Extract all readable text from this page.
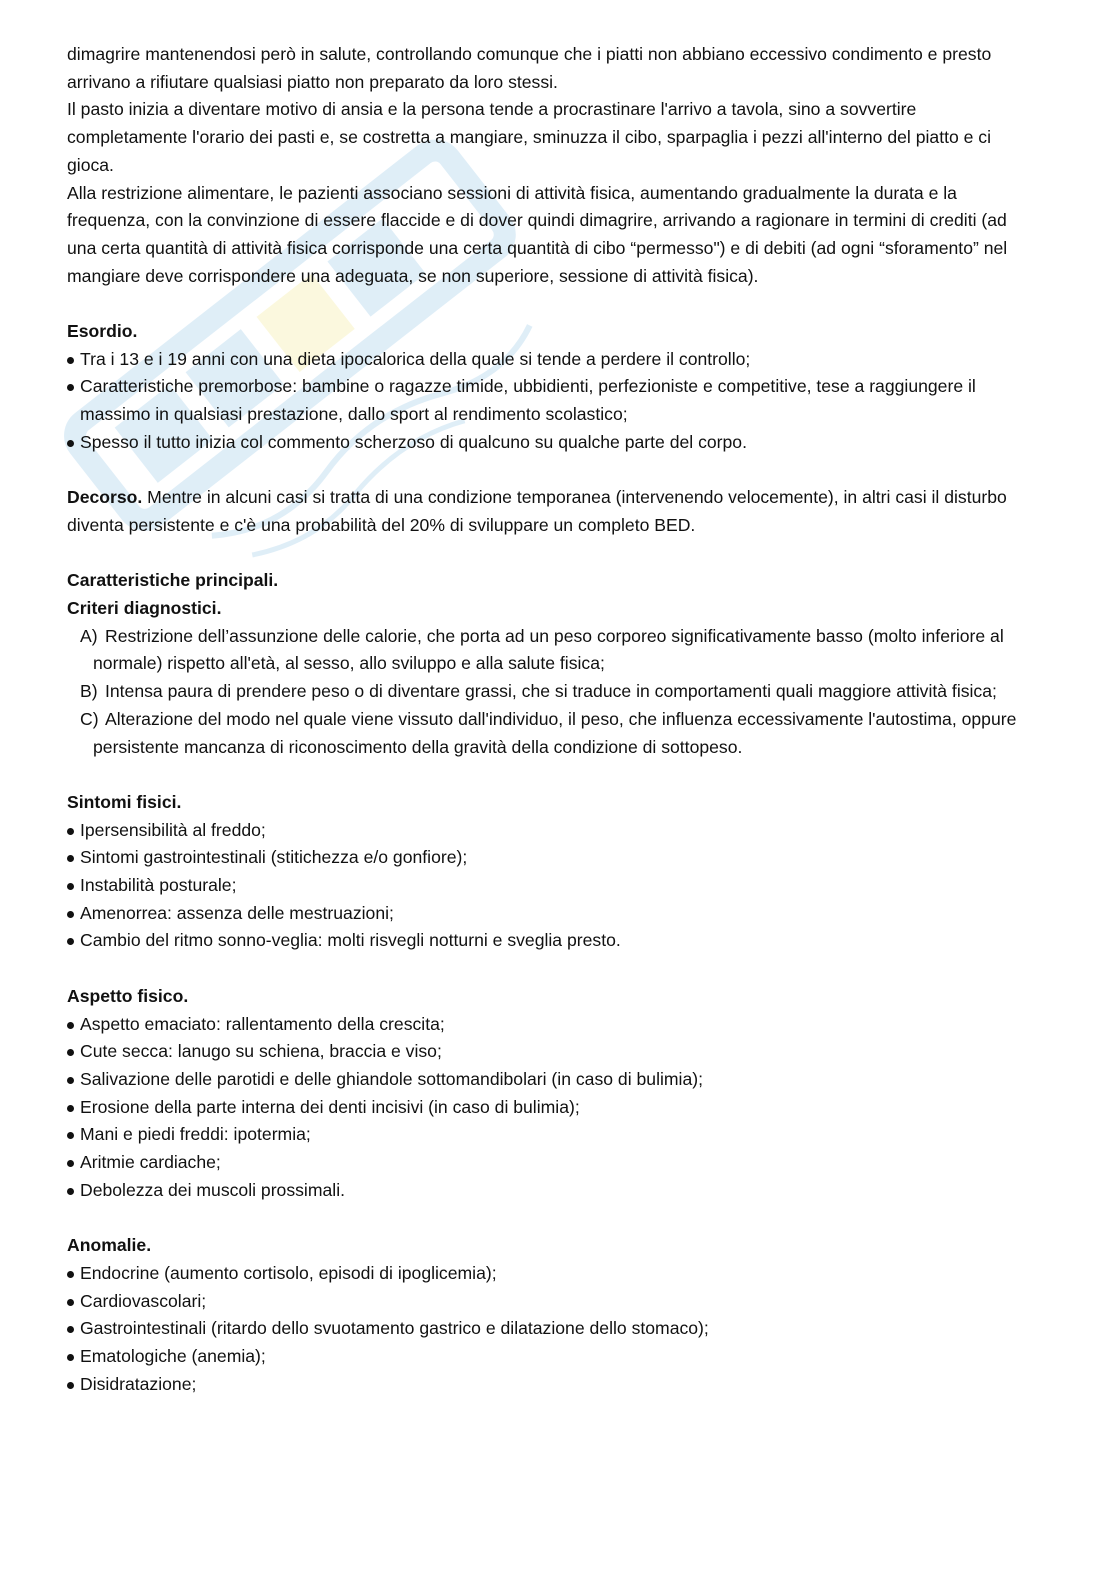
dimagrire mantenendosi però in salute, controllando comunque che i piatti non abbiano eccessivo condimento e presto arrivano a rifiutare qualsiasi piatto non preparato da loro stessi.

Il pasto inizia a diventare motivo di ansia e la persona tende a procrastinare l'arrivo a tavola, sino a sovvertire completamente l'orario dei pasti e, se costretta a mangiare, sminuzza il cibo, sparpaglia i pezzi all'interno del piatto e ci gioca.

Alla restrizione alimentare, le pazienti associano sessioni di attività fisica, aumentando gradualmente la durata e la frequenza, con la convinzione di essere flaccide e di dover quindi dimagrire, arrivando a ragionare in termini di crediti (ad una certa quantità di attività fisica corrisponde una certa quantità di cibo “permesso") e di debiti (ad ogni “sforamento” nel mangiare deve corrispondere una adeguata, se non superiore, sessione di attività fisica).

Esordio.

Tra i 13 e i 19 anni con una dieta ipocalorica della quale si tende a perdere il controllo;
Caratteristiche premorbose: bambine o ragazze timide, ubbidienti, perfezioniste e competitive, tese a raggiungere il massimo in qualsiasi prestazione, dallo sport al rendimento scolastico;
Spesso il tutto inizia col commento scherzoso di qualcuno su qualche parte del corpo.

Decorso. Mentre in alcuni casi si tratta di una condizione temporanea (intervenendo velocemente), in altri casi il disturbo diventa persistente e c'è una probabilità del 20% di sviluppare un completo BED.

Caratteristiche principali.

Criteri diagnostici.

A) Restrizione dell’assunzione delle calorie, che porta ad un peso corporeo significativamente basso (molto inferiore al normale) rispetto all'età, al sesso, allo sviluppo e alla salute fisica;
B) Intensa paura di prendere peso o di diventare grassi, che si traduce in comportamenti quali maggiore attività fisica;
C) Alterazione del modo nel quale viene vissuto dall'individuo, il peso, che influenza eccessivamente l'autostima, oppure persistente mancanza di riconoscimento della gravità della condizione di sottopeso.

Sintomi fisici.

Ipersensibilità al freddo;
Sintomi gastrointestinali (stitichezza e/o gonfiore);
Instabilità posturale;
Amenorrea: assenza delle mestruazioni;
Cambio del ritmo sonno-veglia: molti risvegli notturni e sveglia presto.

Aspetto fisico.

Aspetto emaciato: rallentamento della crescita;
Cute secca: lanugo su schiena, braccia e viso;
Salivazione delle parotidi e delle ghiandole sottomandibolari (in caso di bulimia);
Erosione della parte interna dei denti incisivi (in caso di bulimia);
Mani e piedi freddi: ipotermia;
Aritmie cardiache;
Debolezza dei muscoli prossimali.

Anomalie.

Endocrine (aumento cortisolo, episodi di ipoglicemia);
Cardiovascolari;
Gastrointestinali (ritardo dello svuotamento gastrico e dilatazione dello stomaco);
Ematologiche (anemia);
Disidratazione;
